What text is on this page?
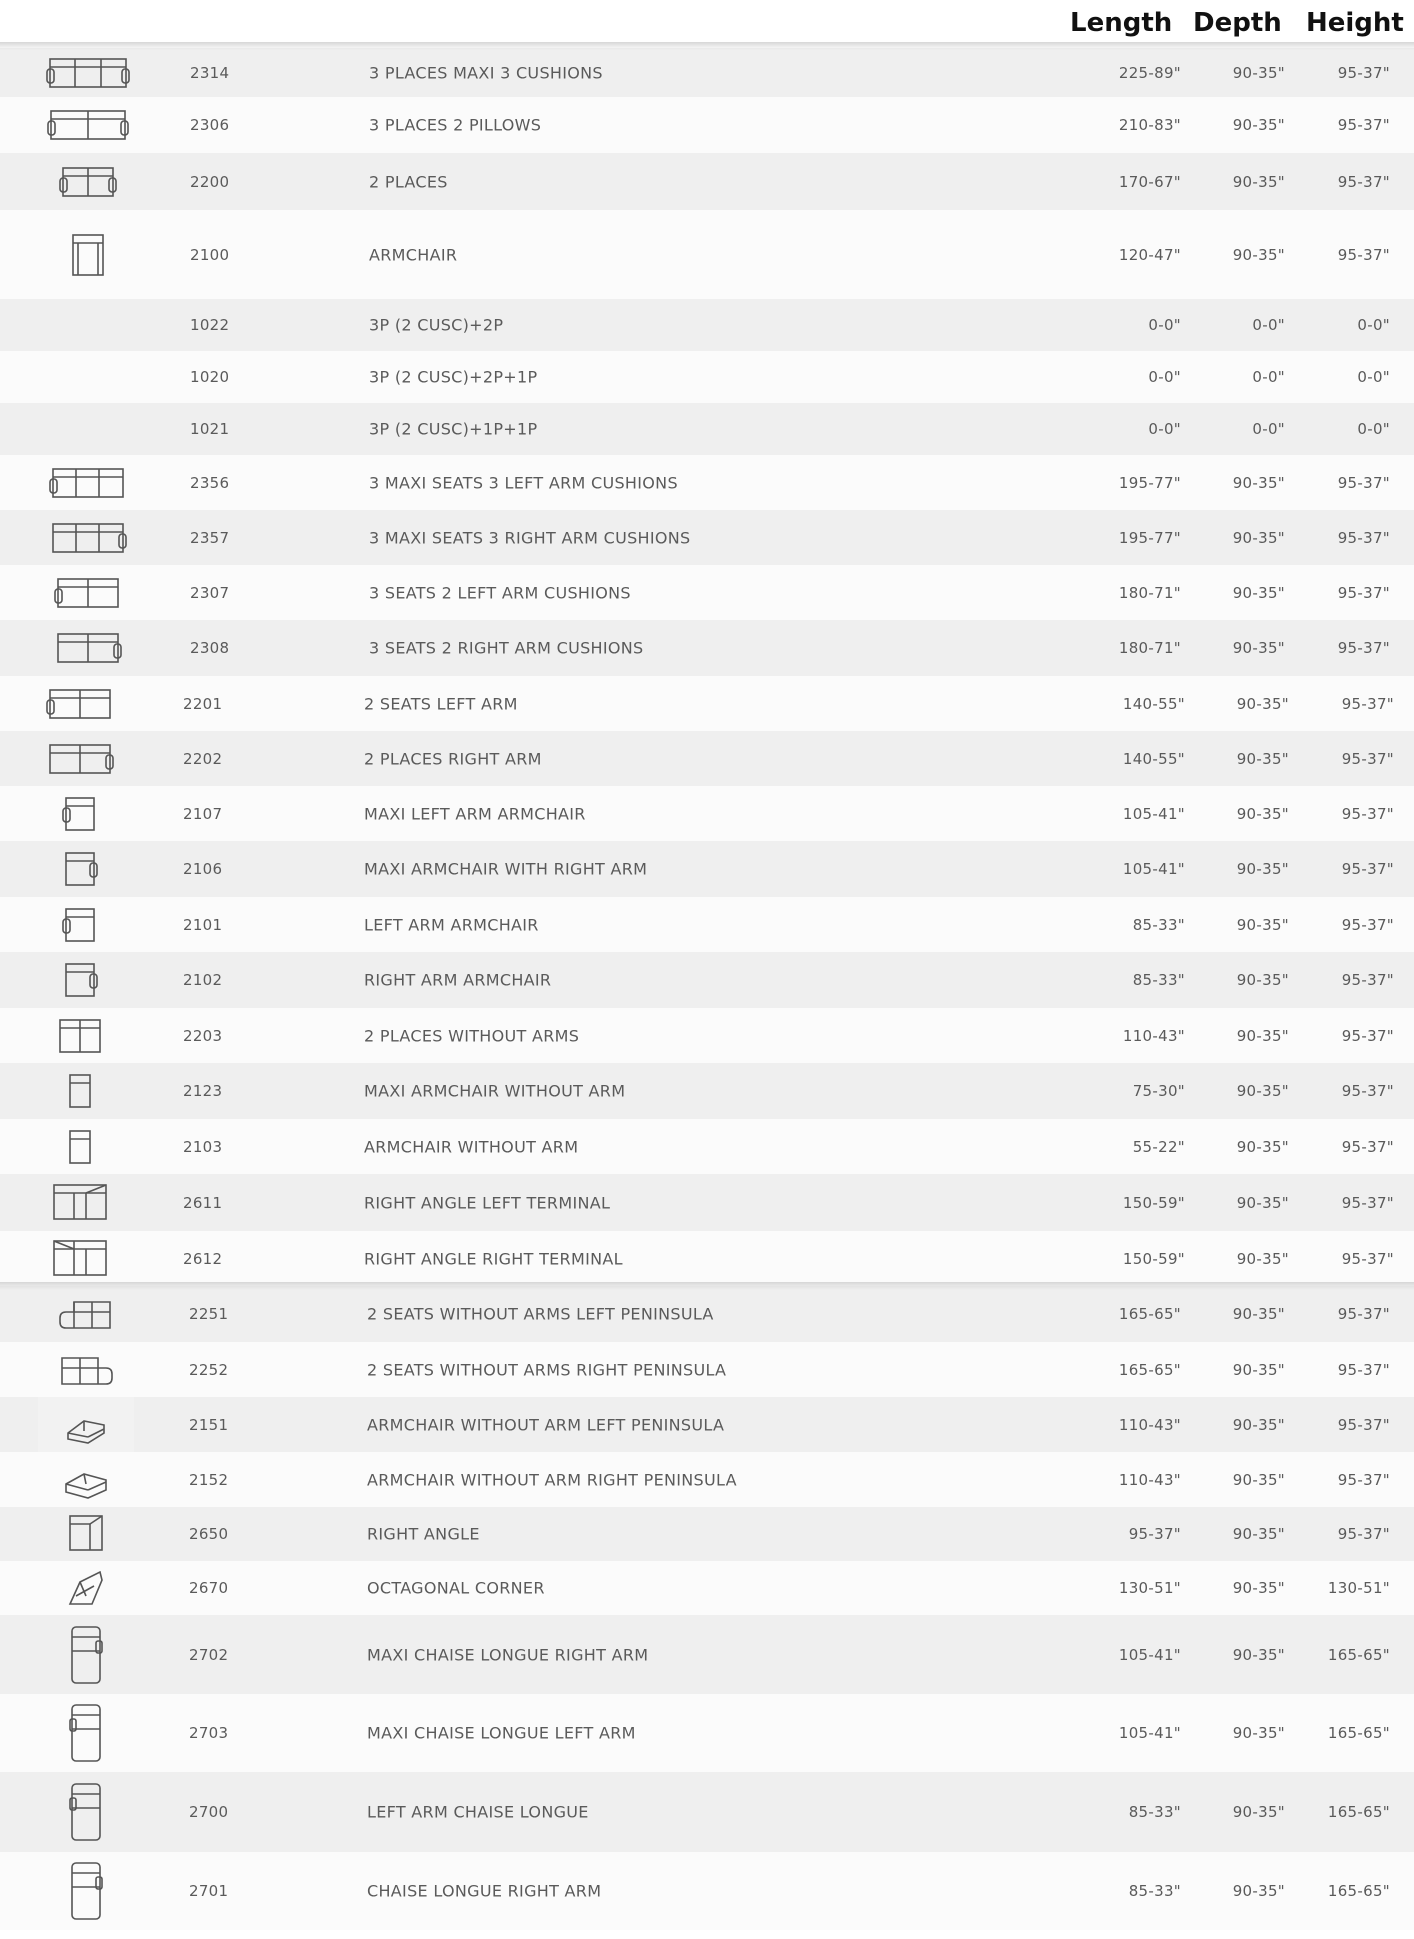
Length Depth Height
2314	3 PLACES MAXI 3 CUSHIONS	225-89"	90-35"	95-37"
2306	3 PLACES 2 PILLOWS	210-83"	90-35"	95-37"
2200	2 PLACES	170-67"	90-35"	95-37"
2100	ARMCHAIR	120-47"	90-35"	95-37"
1022	3P (2 CUSC)+2P	0-0"	0-0"	0-0"
1020	3P (2 CUSC)+2P+1P	0-0"	0-0"	0-0"
1021	3P (2 CUSC)+1P+1P	0-0"	0-0"	0-0"
2356	3 MAXI SEATS 3 LEFT ARM CUSHIONS	195-77"	90-35"	95-37"
2357	3 MAXI SEATS 3 RIGHT ARM CUSHIONS	195-77"	90-35"	95-37"
2307	3 SEATS 2 LEFT ARM CUSHIONS	180-71"	90-35"	95-37"
2308	3 SEATS 2 RIGHT ARM CUSHIONS	180-71"	90-35"	95-37"
2201	2 SEATS LEFT ARM	140-55"	90-35"	95-37"
2202	2 PLACES RIGHT ARM	140-55"	90-35"	95-37"
2107	MAXI LEFT ARM ARMCHAIR	105-41"	90-35"	95-37"
2106	MAXI ARMCHAIR WITH RIGHT ARM	105-41"	90-35"	95-37"
2101	LEFT ARM ARMCHAIR	85-33"	90-35"	95-37"
2102	RIGHT ARM ARMCHAIR	85-33"	90-35"	95-37"
2203	2 PLACES WITHOUT ARMS	110-43"	90-35"	95-37"
2123	MAXI ARMCHAIR WITHOUT ARM	75-30"	90-35"	95-37"
2103	ARMCHAIR WITHOUT ARM	55-22"	90-35"	95-37"
2611	RIGHT ANGLE LEFT TERMINAL	150-59"	90-35"	95-37"
2612	RIGHT ANGLE RIGHT TERMINAL	150-59"	90-35"	95-37"
2251	2 SEATS WITHOUT ARMS LEFT PENINSULA	165-65"	90-35"	95-37"
2252	2 SEATS WITHOUT ARMS RIGHT PENINSULA	165-65"	90-35"	95-37"
2151	ARMCHAIR WITHOUT ARM LEFT PENINSULA	110-43"	90-35"	95-37"
2152	ARMCHAIR WITHOUT ARM RIGHT PENINSULA	110-43"	90-35"	95-37"
2650	RIGHT ANGLE	95-37"	90-35"	95-37"
2670	OCTAGONAL CORNER	130-51"	90-35"	130-51"
2702	MAXI CHAISE LONGUE RIGHT ARM	105-41"	90-35"	165-65"
2703	MAXI CHAISE LONGUE LEFT ARM	105-41"	90-35"	165-65"
2700	LEFT ARM CHAISE LONGUE	85-33"	90-35"	165-65"
2701	CHAISE LONGUE RIGHT ARM	85-33"	90-35"	165-65"
